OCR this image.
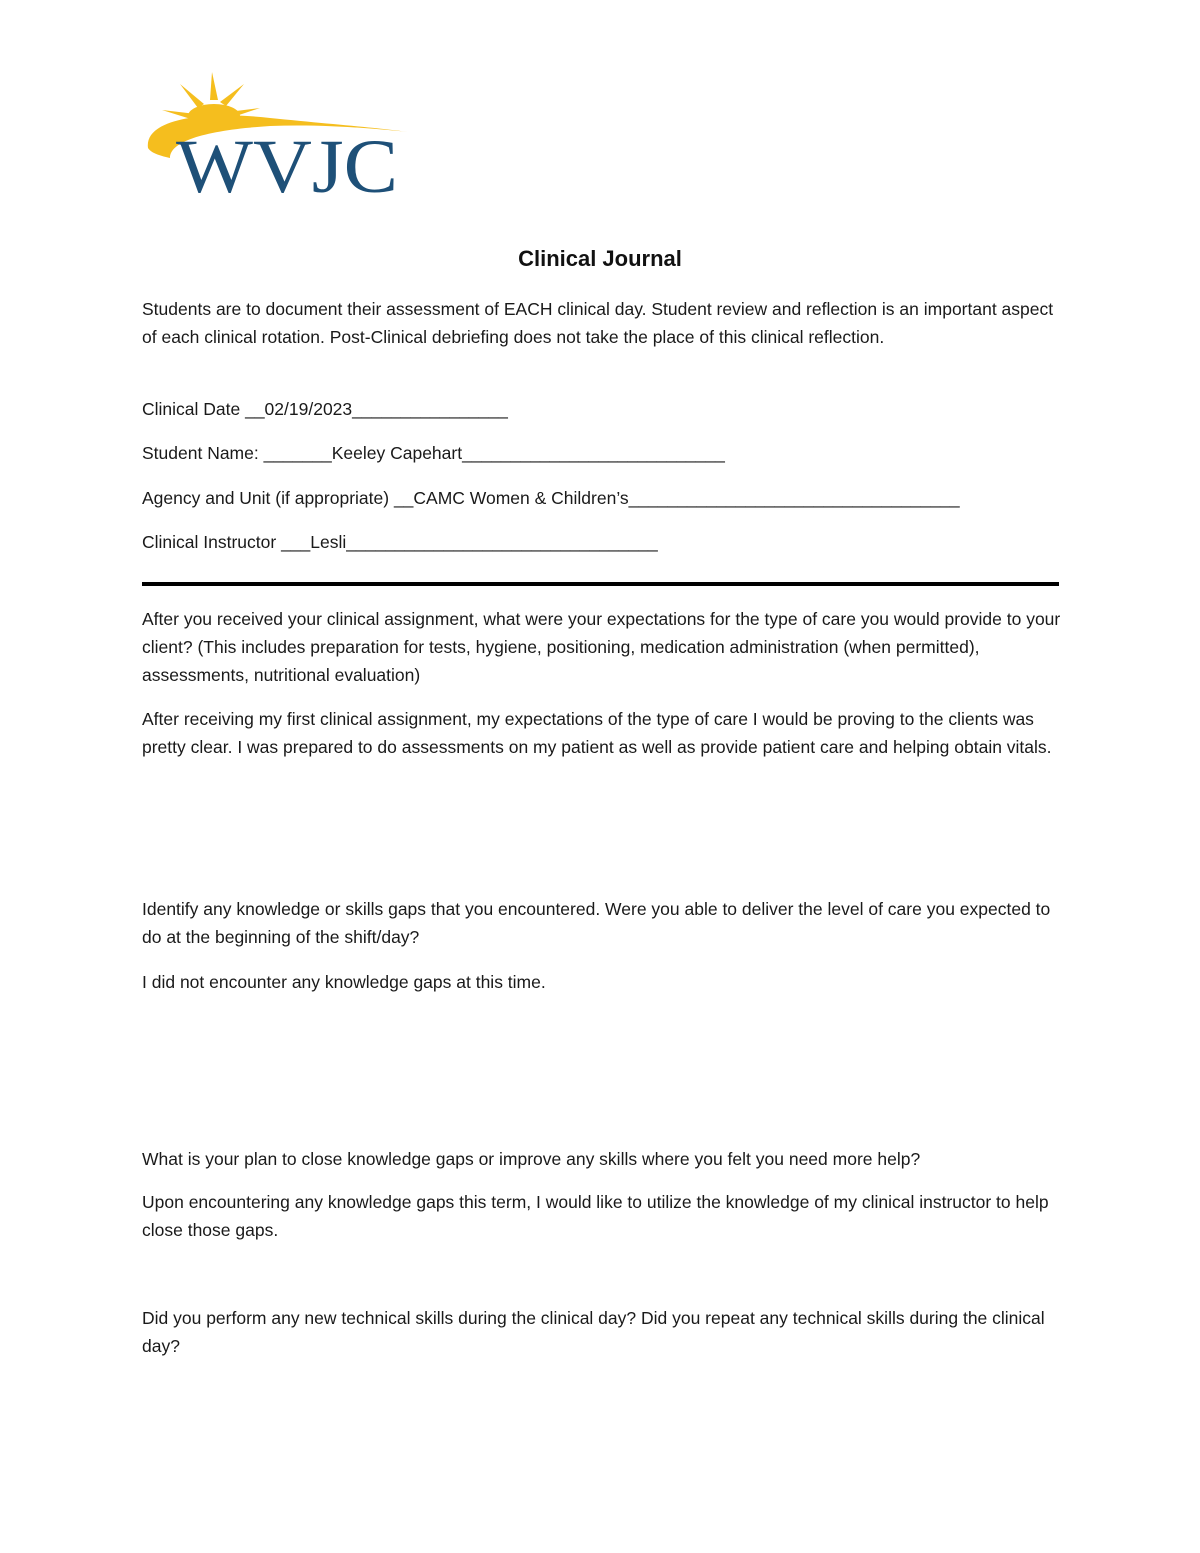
WVJC
Clinical Journal
Students are to document their assessment of EACH clinical day. Student review and reflection is an important aspect of each clinical rotation. Post-Clinical debriefing does not take the place of this clinical reflection.
Clinical Date __02/19/2023________________
Student Name: _______Keeley Capehart___________________________
Agency and Unit (if appropriate) __CAMC Women & Children’s__________________________________
Clinical Instructor ___Lesli________________________________
After you received your clinical assignment, what were your expectations for the type of care you would provide to your client? (This includes preparation for tests, hygiene, positioning, medication administration (when permitted), assessments, nutritional evaluation)
After receiving my first clinical assignment, my expectations of the type of care I would be proving to the clients was pretty clear. I was prepared to do assessments on my patient as well as provide patient care and helping obtain vitals.
Identify any knowledge or skills gaps that you encountered. Were you able to deliver the level of care you expected to do at the beginning of the shift/day?
I did not encounter any knowledge gaps at this time.
What is your plan to close knowledge gaps or improve any skills where you felt you need more help?
Upon encountering any knowledge gaps this term, I would like to utilize the knowledge of my clinical instructor to help close those gaps.
Did you perform any new technical skills during the clinical day? Did you repeat any technical skills during the clinical day?
